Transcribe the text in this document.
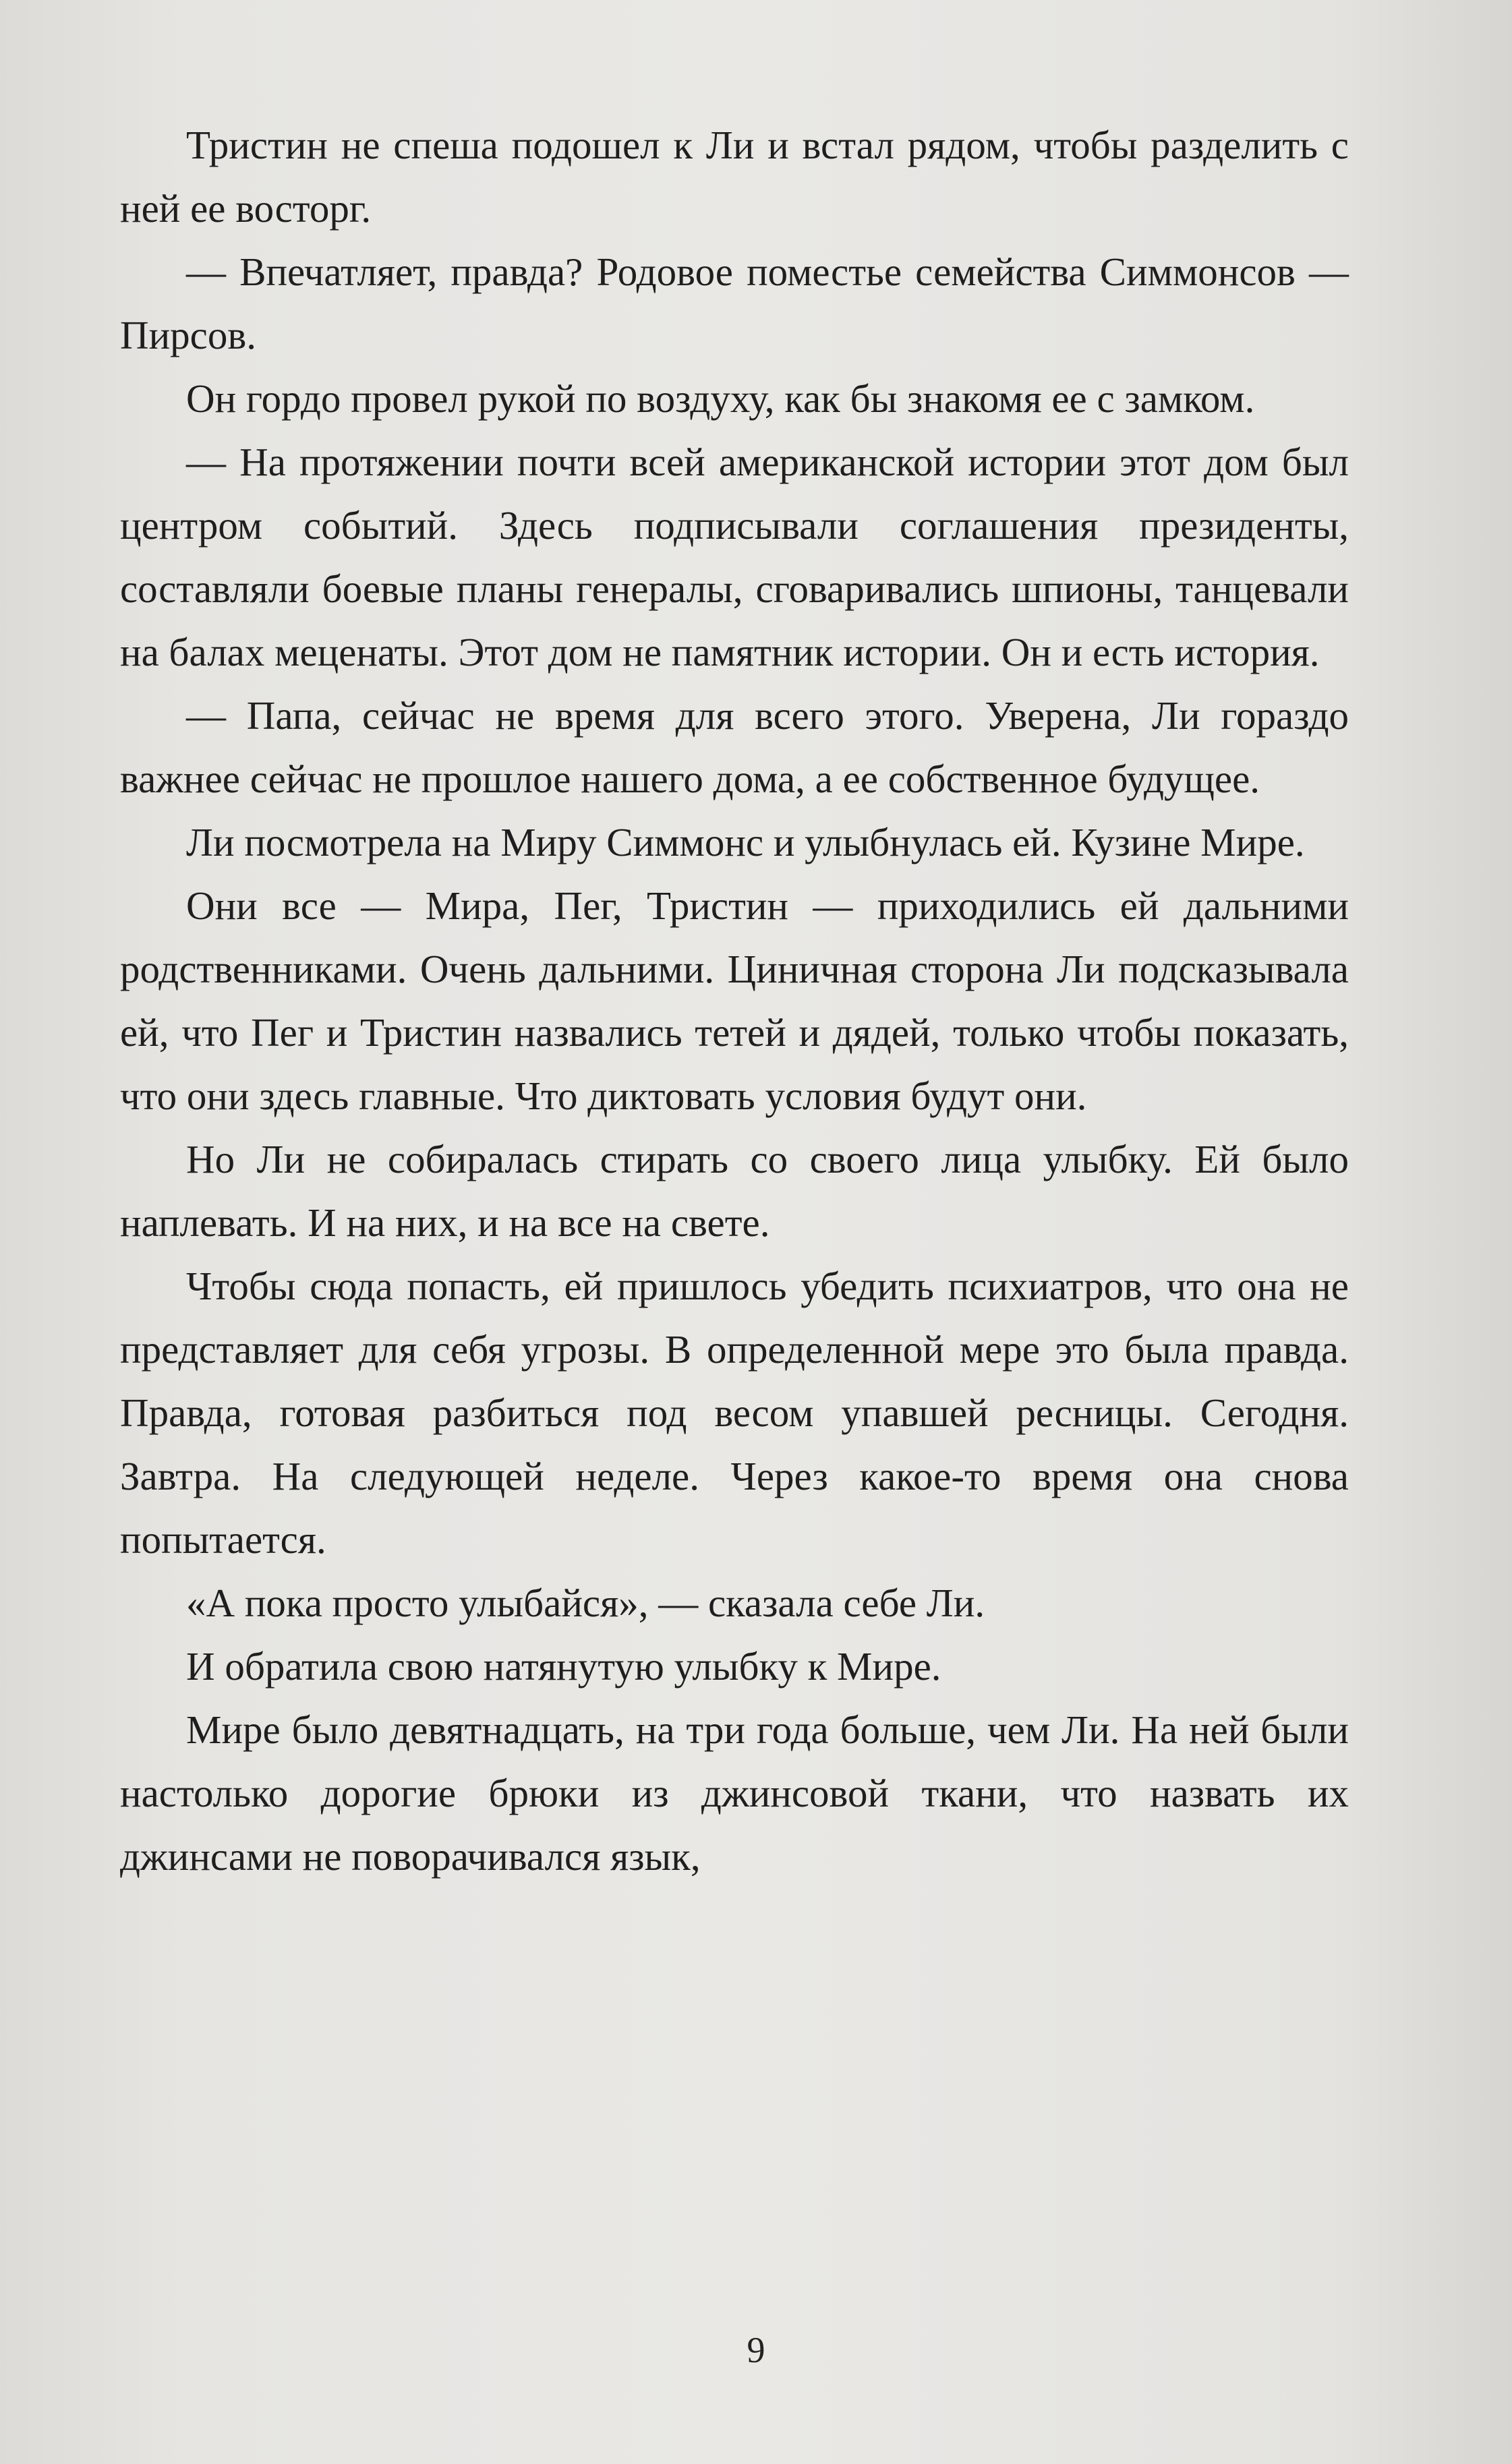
Тристин не спеша подошел к Ли и встал рядом, чтобы разделить с ней ее восторг.

— Впечатляет, правда? Родовое поместье семейства Симмонсов — Пирсов.

Он гордо провел рукой по воздуху, как бы знакомя ее с замком.

— На протяжении почти всей американской истории этот дом был центром событий. Здесь подписывали соглашения президенты, составляли боевые планы генералы, сговаривались шпионы, танцевали на балах меценаты. Этот дом не памятник истории. Он и есть история.

— Папа, сейчас не время для всего этого. Уверена, Ли гораздо важнее сейчас не прошлое нашего дома, а ее собственное будущее.

Ли посмотрела на Миру Симмонс и улыбнулась ей. Кузине Мире.

Они все — Мира, Пег, Тристин — приходились ей дальними родственниками. Очень дальними. Циничная сторона Ли подсказывала ей, что Пег и Тристин назвались тетей и дядей, только чтобы показать, что они здесь главные. Что диктовать условия будут они.

Но Ли не собиралась стирать со своего лица улыбку. Ей было наплевать. И на них, и на все на свете.

Чтобы сюда попасть, ей пришлось убедить психиатров, что она не представляет для себя угрозы. В определенной мере это была правда. Правда, готовая разбиться под весом упавшей ресницы. Сегодня. Завтра. На следующей неделе. Через какое-то время она снова попытается.

«А пока просто улыбайся», — сказала себе Ли.

И обратила свою натянутую улыбку к Мире.

Мире было девятнадцать, на три года больше, чем Ли. На ней были настолько дорогие брюки из джинсовой ткани, что назвать их джинсами не поворачивался язык,

9
